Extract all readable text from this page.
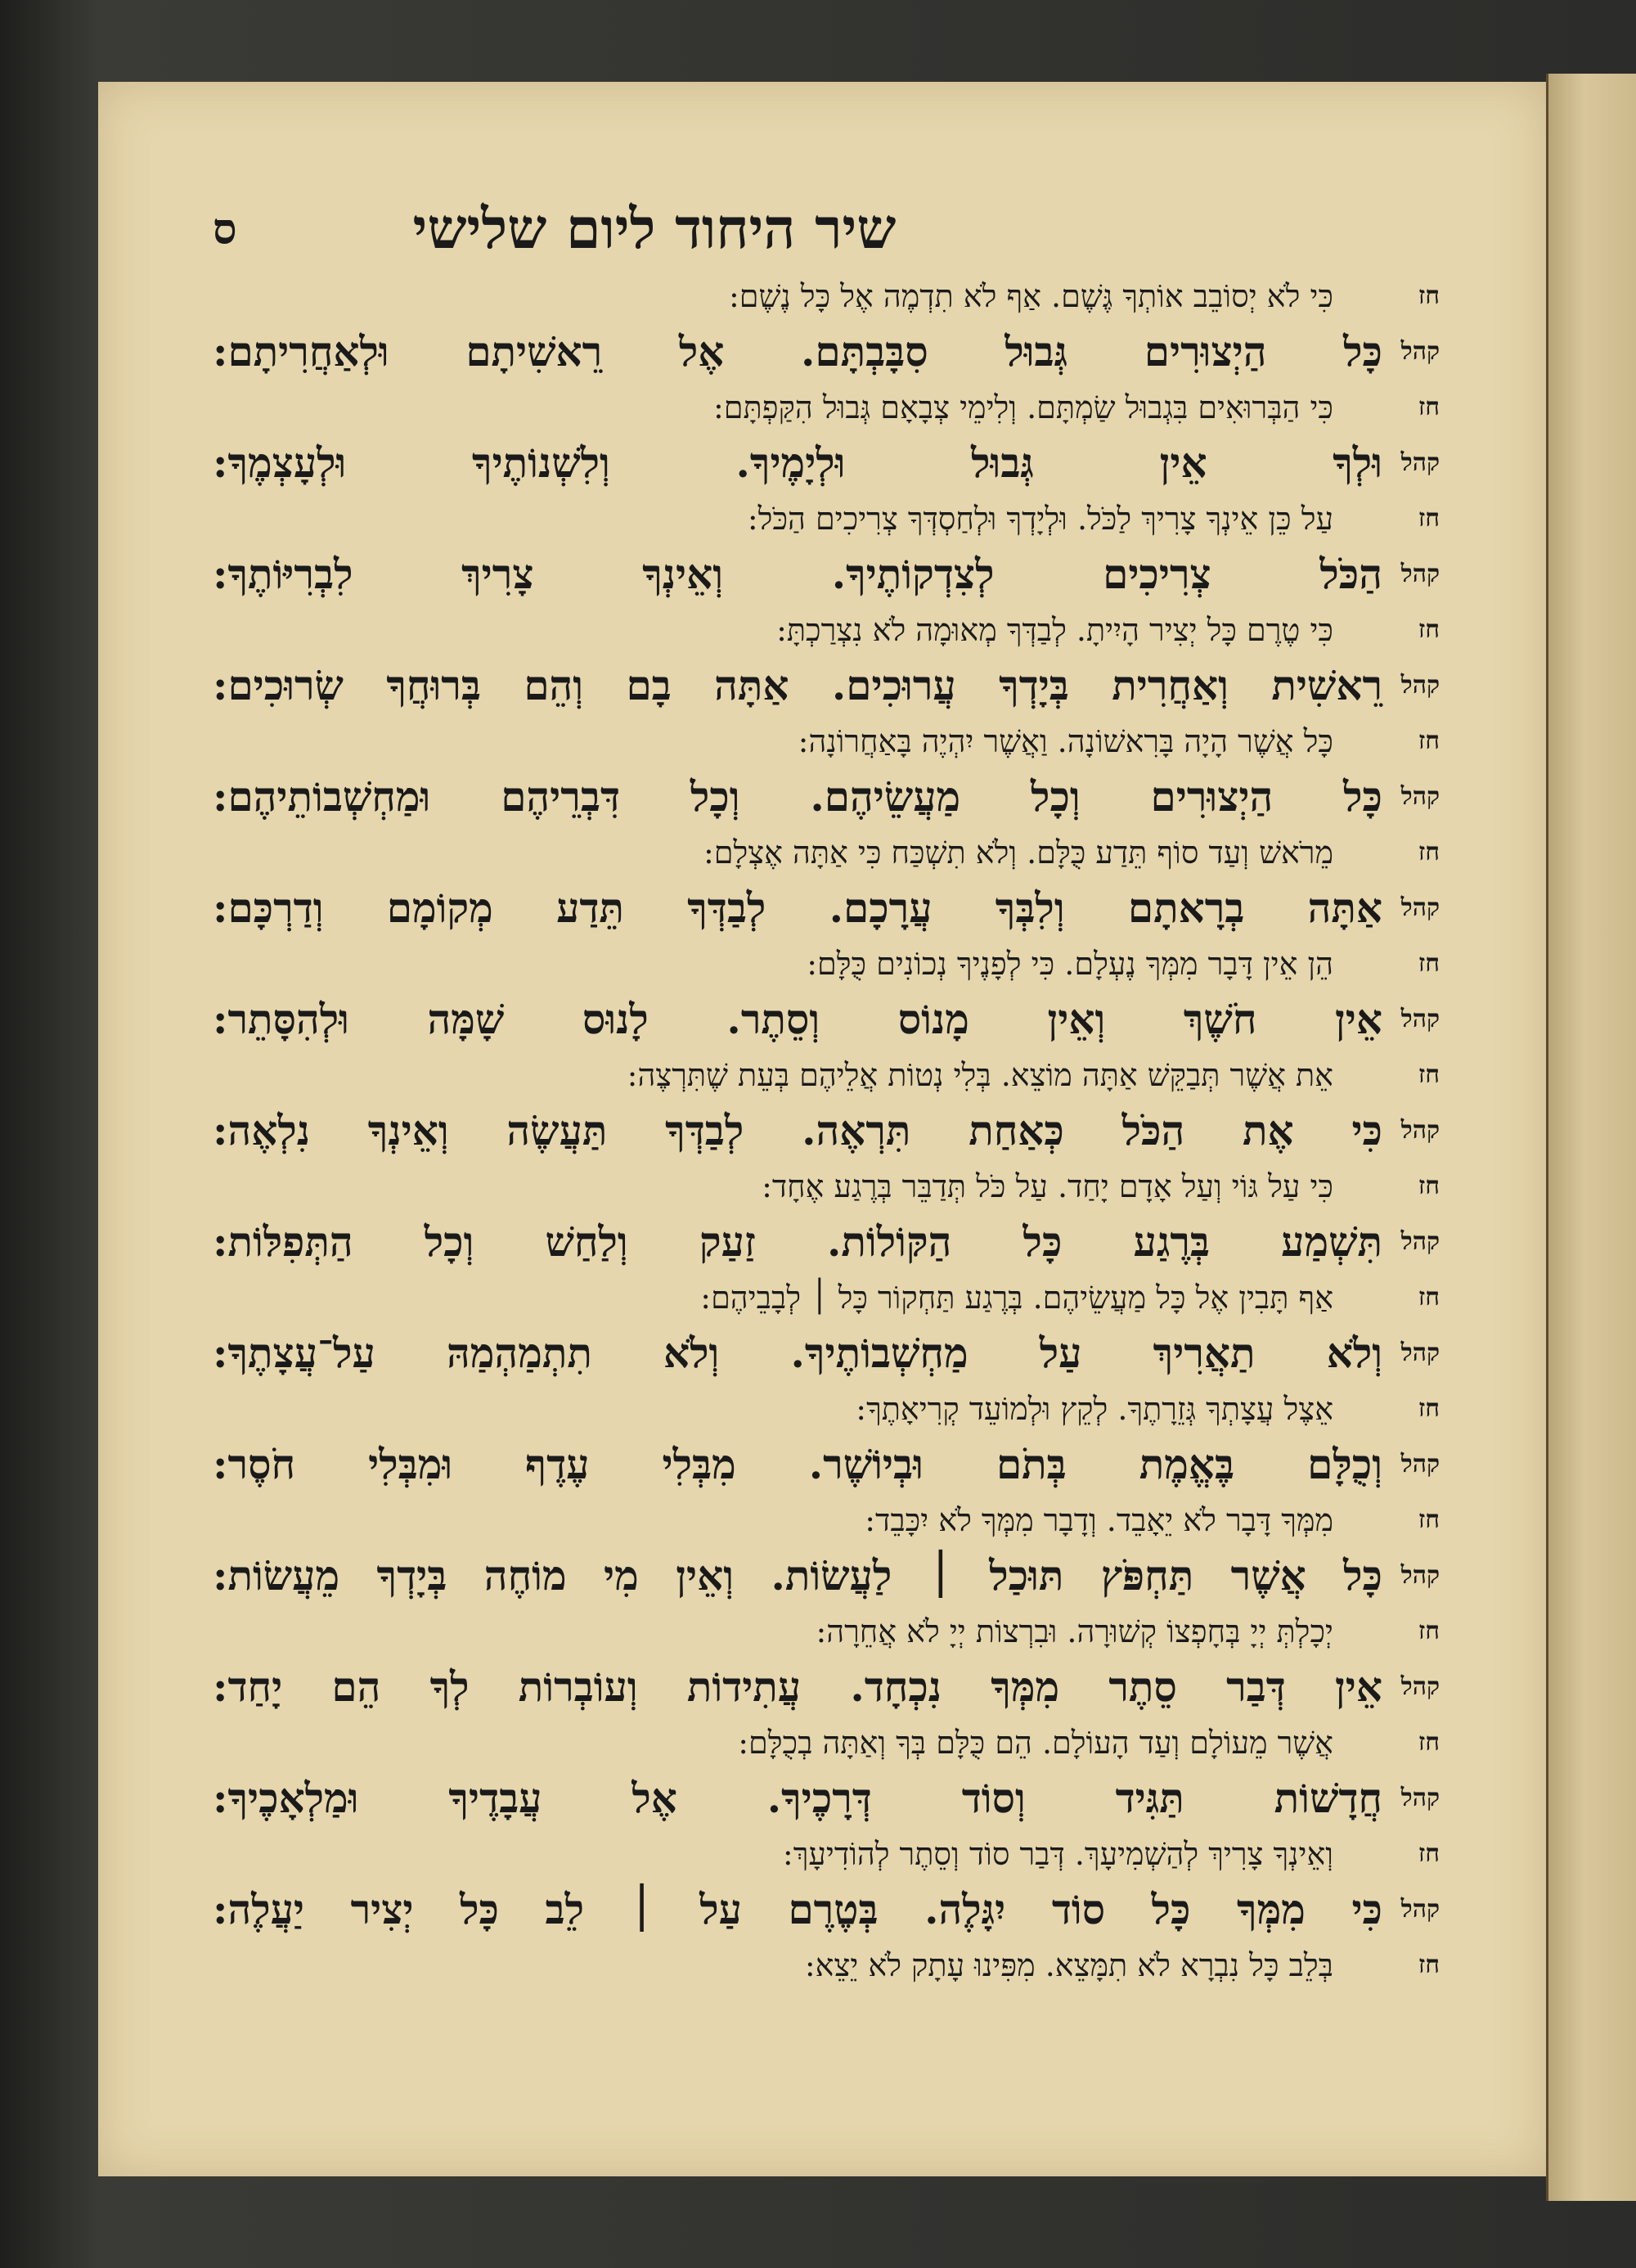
ס	שיר היחוד ליום שלישי
חז
כִּי לֹא יְסוֹבֵב אוֹתְךָ גֶּשֶׁם. אַף לֹא תִדְמֶה אֶל כָּל נֶשֶׁם:
קהל
כָּל הַיְצוּרִים גְּבוּל סִבָּבְתָּם. אֶל רֵאשִׁיתָם וּלְאַחֲרִיתָם:
חז
כִּי הַבְּרוּאִים בִּגְבוּל שַׂמְתָּם. וְלִימֵי צְבָאָם גְּבוּל הִקַּפְתָּם:
קהל
וּלְךָ אֵין גְּבוּל וּלְיָמֶיךָ. וְלִשְׁנוֹתֶיךָ וּלְעָצְמֶךָ:
חז
עַל כֵּן אֵינְךָ צָרִיךְ לַכֹּל. וּלְיָדְךָ וּלְחַסְדְּךָ צְרִיכִים הַכֹּל:
קהל
הַכֹּל צְרִיכִים לְצִדְקוֹתֶיךָ. וְאֵינְךָ צָרִיךְ לִבְרִיּוֹתֶךָ:
חז
כִּי טֶרֶם כָּל יְצִיר הָיִיתָ. לְבַדְּךָ מְאוּמָה לֹא נִצְרַכְתָּ:
קהל
רֵאשִׁית וְאַחֲרִית בְּיָדְךָ עֲרוּכִים. אַתָּה בָם וְהֵם בְּרוּחֲךָ שְׂרוּכִים:
חז
כָּל אֲשֶׁר הָיָה בָּרִאשׁוֹנָה. וַאֲשֶׁר יִהְיֶה בָּאַחֲרוֹנָה:
קהל
כָּל הַיְצוּרִים וְכָל מַעֲשֵׂיהֶם. וְכָל דִּבְרֵיהֶם וּמַחְשְׁבוֹתֵיהֶם:
חז
מֵרֹאשׁ וְעַד סוֹף תֵּדַע כֻּלָּם. וְלֹא תִשְׁכַּח כִּי אַתָּה אֶצְלָם:
קהל
אַתָּה בְרָאתָם וְלִבְּךָ עֲרָכָם. לְבַדְּךָ תֵּדַע מְקוֹמָם וְדַרְכָּם:
חז
הֵן אֵין דָּבָר מִמְּךָ נֶעְלָם. כִּי לְפָנֶיךָ נְכוֹנִים כֻּלָּם:
קהל
אֵין חֹשֶׁךְ וְאֵין מָנוֹס וְסֵתֶר. לָנוּס שָׁמָּה וּלְהִסָּתֵר:
חז
אֵת אֲשֶׁר תְּבַקֵּשׁ אַתָּה מוֹצֵא. בְּלִי נְטוֹת אֲלֵיהֶם בְּעֵת שֶׁתִּרְצֶה:
קהל
כִּי אֶת הַכֹּל כְּאַחַת תִּרְאֶה. לְבַדְּךָ תַּעֲשֶׂה וְאֵינְךָ נִלְאֶה:
חז
כִּי עַל גּוֹי וְעַל אָדָם יָחַד. עַל כֹּל תְּדַבֵּר בְּרֶגַע אֶחָד:
קהל
תִּשְׁמַע בְּרֶגַע כָּל הַקּוֹלוֹת. זַעַק וְלַחַשׁ וְכָל הַתְּפִלּוֹת:
חז
אַף תָּבִין אֶל כָּל מַעֲשֵׂיהֶם. בְּרֶגַע תַּחְקוֹר כָּל ׀ לְבָבֵיהֶם:
קהל
וְלֹא תַאֲרִיךְ עַל מַחְשְׁבוֹתֶיךָ. וְלֹא תִתְמַהְמַהּ עַל־עֲצָתֶךָ:
חז
אֵצֶל עֲצָתְךָ גְּזֵרָתֶךָ. לְקֵץ וּלְמוֹעֵד קְרִיאָתֶךָ:
קהל
וְכֻלָּם בֶּאֱמֶת בְּתֹם וּבְיוֹשֶׁר. מִבְּלִי עֶדֶף וּמִבְּלִי חֹסֶר:
חז
מִמְּךָ דָּבָר לֹא יֵאָבֵד. וְדָבָר מִמְּךָ לֹא יִכָּבֵד:
קהל
כָּל אֲשֶׁר תַּחְפֹּץ תּוּכַל ׀ לַעֲשׂוֹת. וְאֵין מִי מוֹחֶה בְּיָדְךָ מֵעֲשׂוֹת:
חז
יְכָלְתְּ יְיָ בְּחָפְצוֹ קְשׁוּרָה. וּבִרְצוֹת יְיָ לֹא אֲחֵרָה:
קהל
אֵין דְּבַר סֵתֶר מִמְּךָ נִכְחָד. עֲתִידוֹת וְעוֹבְרוֹת לְךָ הֵם יָחַד:
חז
אֲשֶׁר מֵעוֹלָם וְעַד הָעוֹלָם. הֵם כֻּלָּם בְּךָ וְאַתָּה בְכֻלָּם:
קהל
חֲדָשׁוֹת תַּגִּיד וְסוֹד דְּרָכֶיךָ. אֶל עֲבָדֶיךָ וּמַלְאָכֶיךָ:
חז
וְאֵינְךָ צָרִיךְ לְהַשְׁמִיעָךְ. דְּבַר סוֹד וְסֵתֶר לְהוֹדִיעָךְ:
קהל
כִּי מִמְּךָ כָּל סוֹד יִגָּלֶה. בְּטֶרֶם עַל ׀ לֵב כָּל יְצִיר יַעֲלֶה:
חז
בְּלֵב כָּל נִבְרָא לֹא תִמָּצֵא. מִפִּינוּ עָתָק לֹא יֵצֵא:
